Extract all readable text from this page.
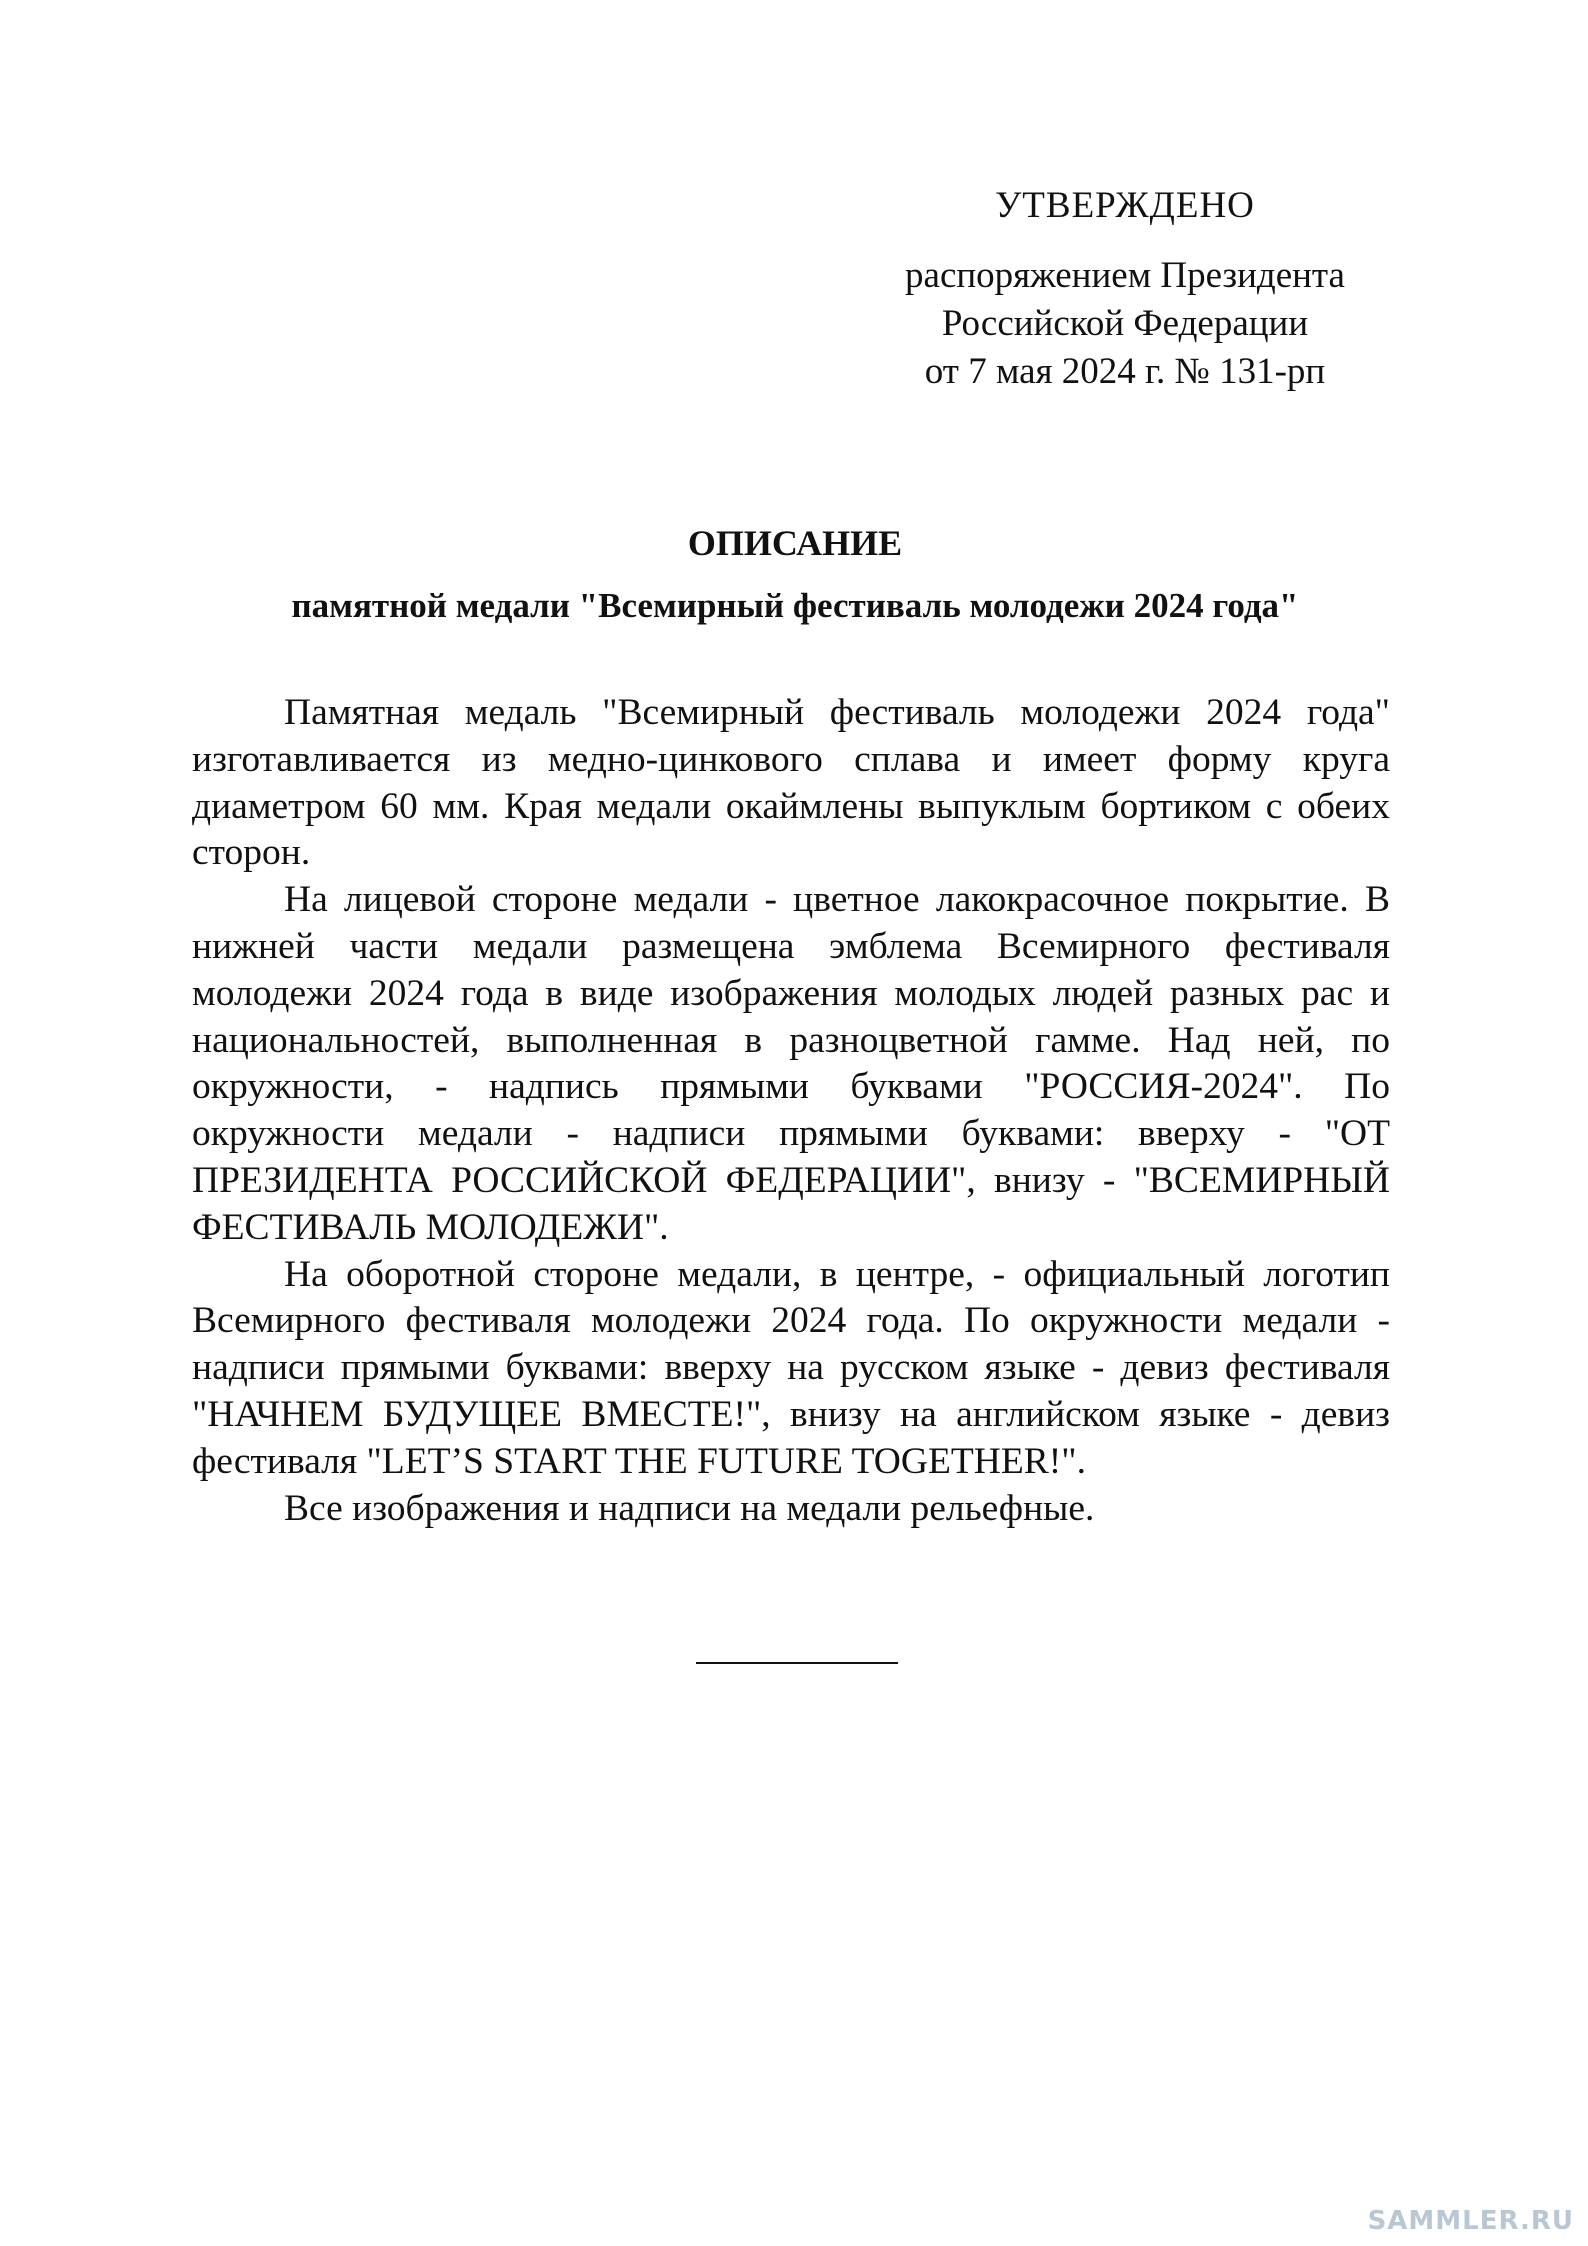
УТВЕРЖДЕНО
распоряжением Президента
Российской Федерации
от 7 мая 2024 г. № 131-рп
ОПИСАНИЕ
памятной медали "Всемирный фестиваль молодежи 2024 года"

Памятная медаль "Всемирный фестиваль молодежи 2024 года" изготавливается из медно-цинкового сплава и имеет форму круга диаметром 60 мм. Края медали окаймлены выпуклым бортиком с обеих сторон.

На лицевой стороне медали - цветное лакокрасочное покрытие. В нижней части медали размещена эмблема Всемирного фестиваля молодежи 2024 года в виде изображения молодых людей разных рас и национальностей, выполненная в разноцветной гамме. Над ней, по окружности, - надпись прямыми буквами "РОССИЯ-2024". По окружности медали - надписи прямыми буквами: вверху - "ОТ ПРЕЗИДЕНТА РОССИЙСКОЙ ФЕДЕРАЦИИ", внизу - "ВСЕМИРНЫЙ ФЕСТИВАЛЬ МОЛОДЕЖИ".

На оборотной стороне медали, в центре, - официальный логотип Всемирного фестиваля молодежи 2024 года. По окружности медали - надписи прямыми буквами: вверху на русском языке - девиз фестиваля "НАЧНЕМ БУДУЩЕЕ ВМЕСТЕ!", внизу на английском языке - девиз фестиваля "LET’S START THE FUTURE TOGETHER!".

Все изображения и надписи на медали рельефные.

SAMMLER.RU
